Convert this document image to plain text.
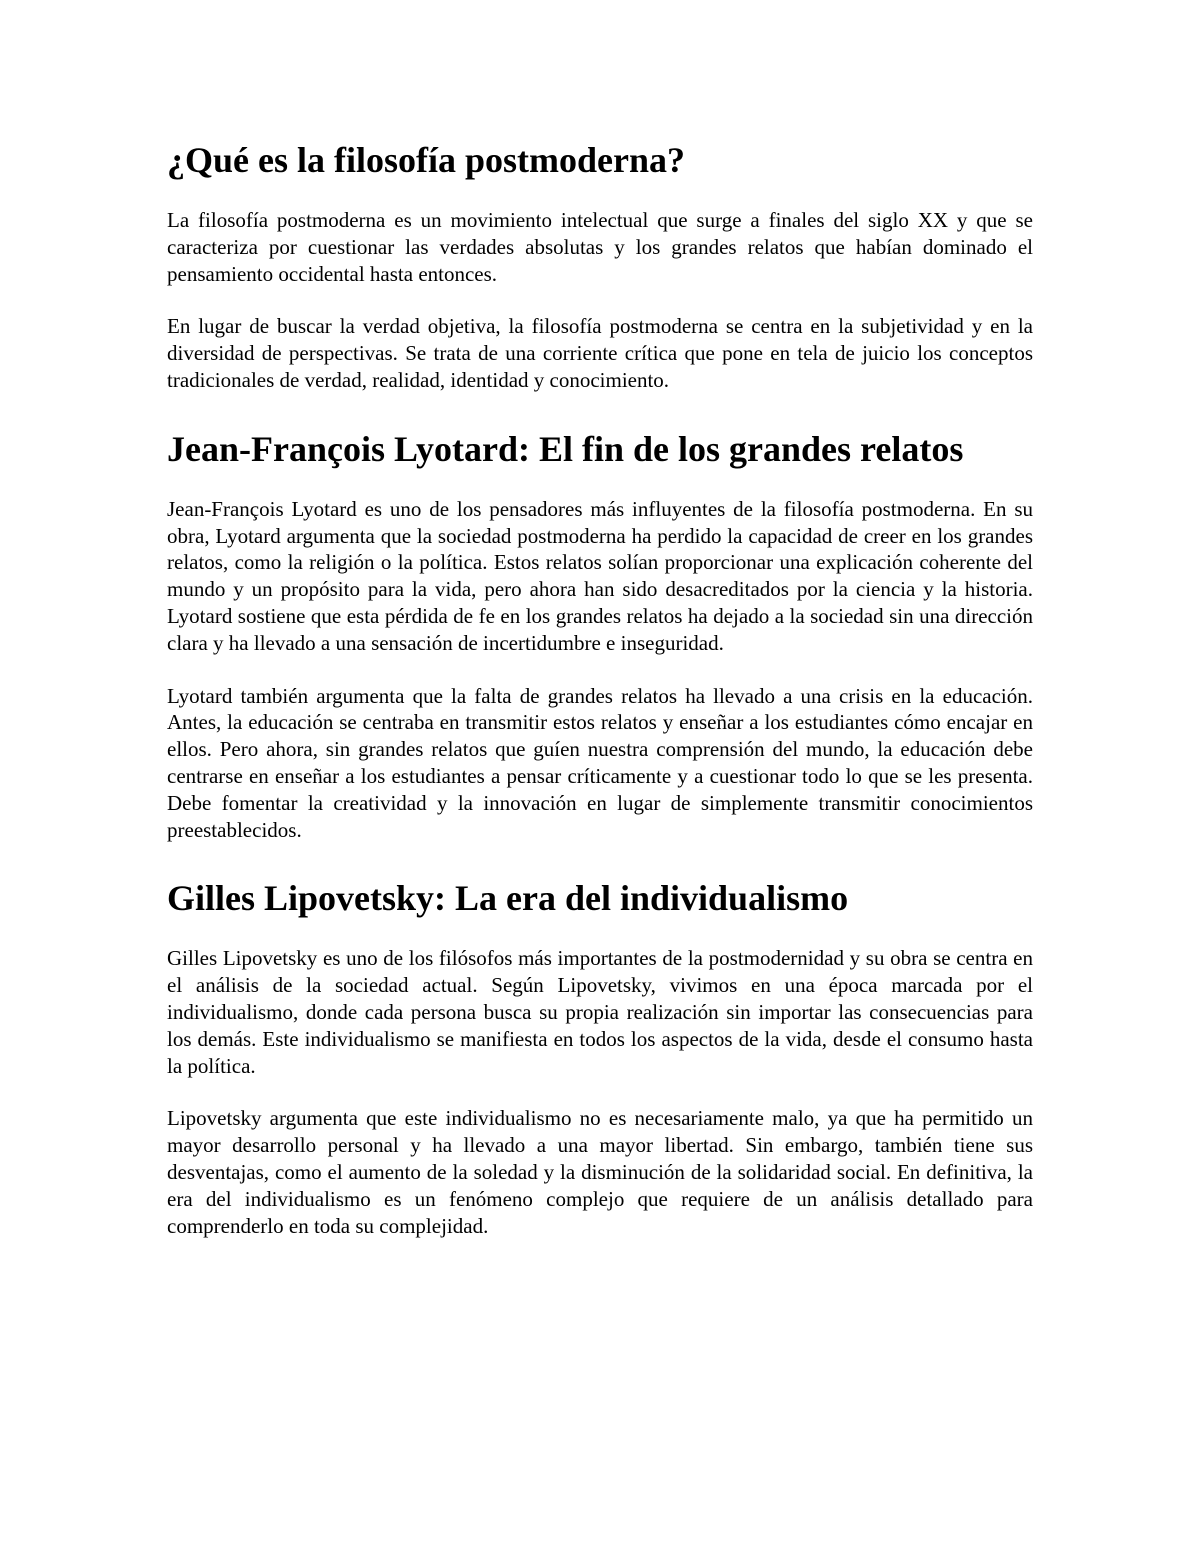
¿Qué es la filosofía postmoderna?

La filosofía postmoderna es un movimiento intelectual que surge a finales del siglo XX y que se caracteriza por cuestionar las verdades absolutas y los grandes relatos que habían dominado el pensamiento occidental hasta entonces.

En lugar de buscar la verdad objetiva, la filosofía postmoderna se centra en la subjetividad y en la diversidad de perspectivas. Se trata de una corriente crítica que pone en tela de juicio los conceptos tradicionales de verdad, realidad, identidad y conocimiento.

Jean-François Lyotard: El fin de los grandes relatos

Jean-François Lyotard es uno de los pensadores más influyentes de la filosofía postmoderna. En su obra, Lyotard argumenta que la sociedad postmoderna ha perdido la capacidad de creer en los grandes relatos, como la religión o la política. Estos relatos solían proporcionar una explicación coherente del mundo y un propósito para la vida, pero ahora han sido desacreditados por la ciencia y la historia. Lyotard sostiene que esta pérdida de fe en los grandes relatos ha dejado a la sociedad sin una dirección clara y ha llevado a una sensación de incertidumbre e inseguridad.

Lyotard también argumenta que la falta de grandes relatos ha llevado a una crisis en la educación. Antes, la educación se centraba en transmitir estos relatos y enseñar a los estudiantes cómo encajar en ellos. Pero ahora, sin grandes relatos que guíen nuestra comprensión del mundo, la educación debe centrarse en enseñar a los estudiantes a pensar críticamente y a cuestionar todo lo que se les presenta. Debe fomentar la creatividad y la innovación en lugar de simplemente transmitir conocimientos preestablecidos.

Gilles Lipovetsky: La era del individualismo

Gilles Lipovetsky es uno de los filósofos más importantes de la postmodernidad y su obra se centra en el análisis de la sociedad actual. Según Lipovetsky, vivimos en una época marcada por el individualismo, donde cada persona busca su propia realización sin importar las consecuencias para los demás. Este individualismo se manifiesta en todos los aspectos de la vida, desde el consumo hasta la política.

Lipovetsky argumenta que este individualismo no es necesariamente malo, ya que ha permitido un mayor desarrollo personal y ha llevado a una mayor libertad. Sin embargo, también tiene sus desventajas, como el aumento de la soledad y la disminución de la solidaridad social. En definitiva, la era del individualismo es un fenómeno complejo que requiere de un análisis detallado para comprenderlo en toda su complejidad.
